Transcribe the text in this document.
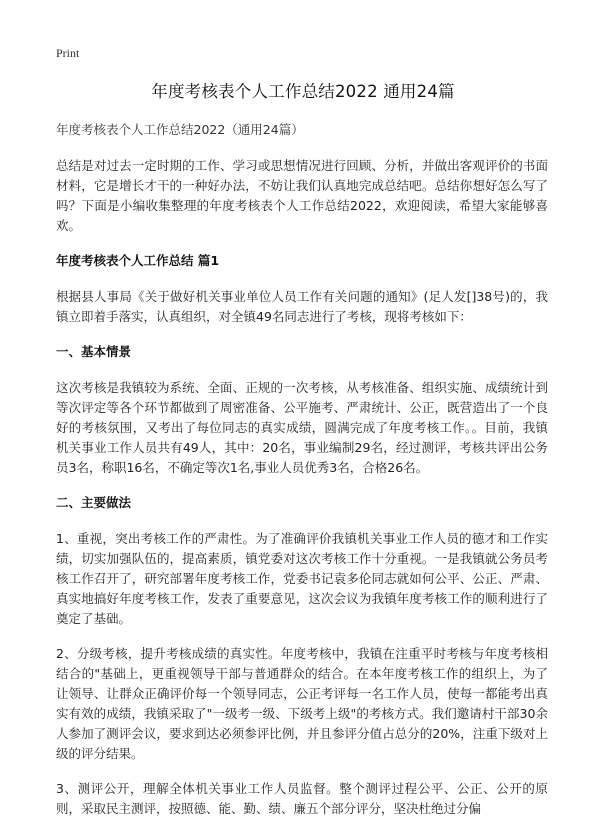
Print
年度考核表个人工作总结2022 通用24篇
年度考核表个人工作总结2022（通用24篇）

总结是对过去一定时期的工作、学习或思想情况进行回顾、分析，并做出客观评价的书面材料，它是增长才干的一种好办法，不妨让我们认真地完成总结吧。总结你想好怎么写了吗？下面是小编收集整理的年度考核表个人工作总结2022，欢迎阅读，希望大家能够喜欢。

年度考核表个人工作总结 篇1

根据县人事局《关于做好机关事业单位人员工作有关问题的通知》(足人发[]38号)的，我镇立即着手落实，认真组织，对全镇49名同志进行了考核，现将考核如下：

一、基本情景

这次考核是我镇较为系统、全面、正规的一次考核，从考核准备、组织实施、成绩统计到等次评定等各个环节都做到了周密准备、公平施考、严肃统计、公正，既营造出了一个良好的考核氛围，又考出了每位同志的真实成绩，圆满完成了年度考核工作。。目前，我镇机关事业工作人员共有49人，其中：20名，事业编制29名，经过测评，考核共评出公务员3名，称职16名，不确定等次1名,事业人员优秀3名，合格26名。

二、主要做法

1、重视，突出考核工作的严肃性。为了准确评价我镇机关事业工作人员的德才和工作实绩，切实加强队伍的，提高素质，镇党委对这次考核工作十分重视。一是我镇就公务员考核工作召开了，研究部署年度考核工作，党委书记袁多伦同志就如何公平、公正、严肃、真实地搞好年度考核工作，发表了重要意见，这次会议为我镇年度考核工作的顺利进行了奠定了基础。

2、分级考核，提升考核成绩的真实性。年度考核中，我镇在注重平时考核与年度考核相结合的"基础上，更重视领导干部与普通群众的结合。在本年度考核工作的组织上，为了让领导、让群众正确评价每一个领导同志，公正考评每一名工作人员，使每一都能考出真实有效的成绩，我镇采取了"一级考一级、下级考上级"的考核方式。我们邀请村干部30余人参加了测评会议，要求到达必须参评比例，并且参评分值占总分的20%，注重下级对上级的评分结果。

3、测评公开，理解全体机关事业工作人员监督。整个测评过程公平、公正、公开的原则，采取民主测评，按照德、能、勤、绩、廉五个部分评分，坚决杜绝过分偏
